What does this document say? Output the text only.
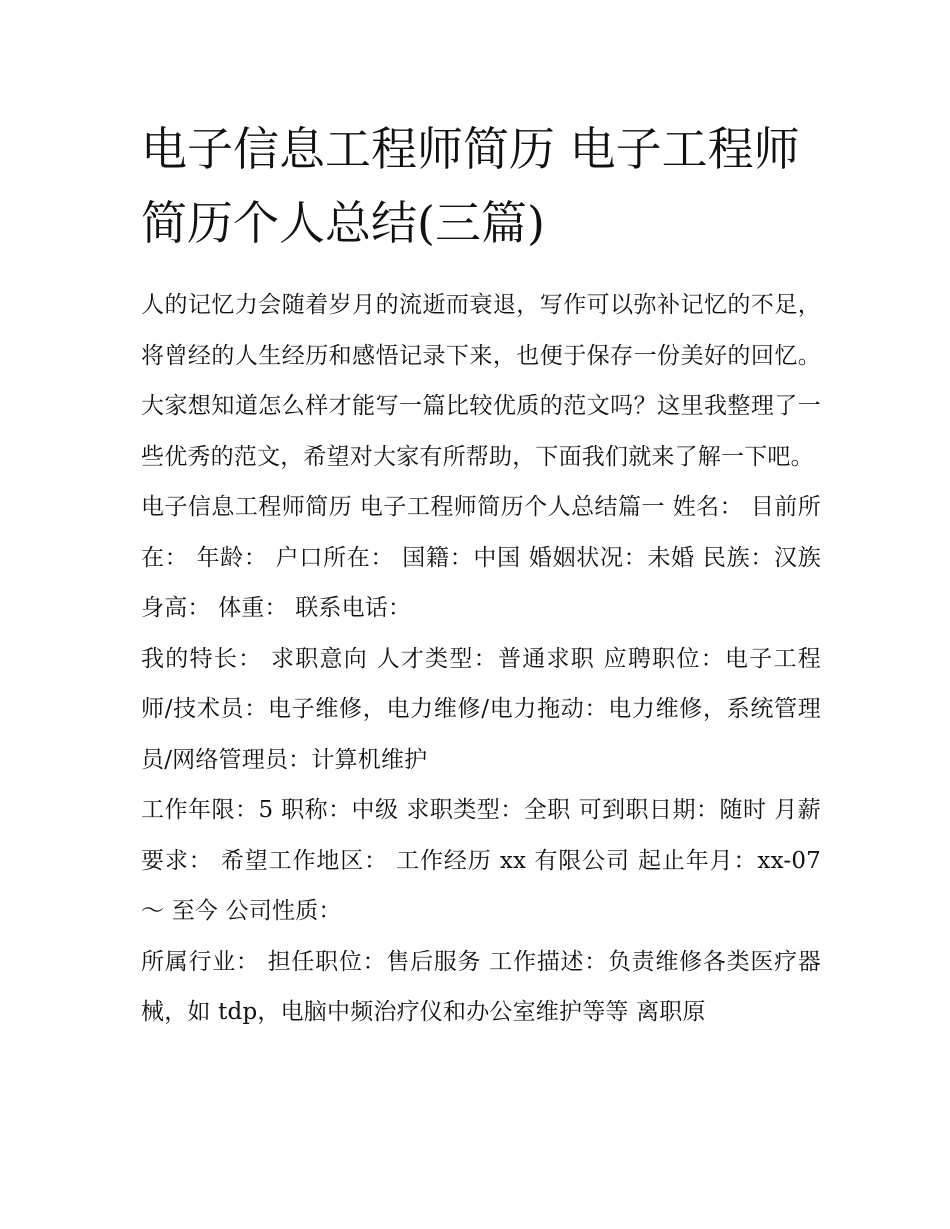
电子信息工程师简历 电子工程师简历个人总结(三篇)

人的记忆力会随着岁月的流逝而衰退，写作可以弥补记忆的不足，将曾经的人生经历和感悟记录下来，也便于保存一份美好的回忆。大家想知道怎么样才能写一篇比较优质的范文吗？这里我整理了一些优秀的范文，希望对大家有所帮助，下面我们就来了解一下吧。

电子信息工程师简历 电子工程师简历个人总结篇一 姓名： 目前所在： 年龄： 户口所在： 国籍：中国 婚姻状况：未婚 民族：汉族 身高： 体重： 联系电话：

我的特长： 求职意向 人才类型：普通求职 应聘职位：电子工程师/技术员：电子维修，电力维修/电力拖动：电力维修，系统管理员/网络管理员：计算机维护

工作年限：5 职称：中级 求职类型：全职 可到职日期：随时 月薪要求： 希望工作地区： 工作经历 xx 有限公司 起止年月：xx-07 ～ 至今 公司性质：

所属行业： 担任职位：售后服务 工作描述：负责维修各类医疗器械，如 tdp，电脑中频治疗仪和办公室维护等等 离职原
